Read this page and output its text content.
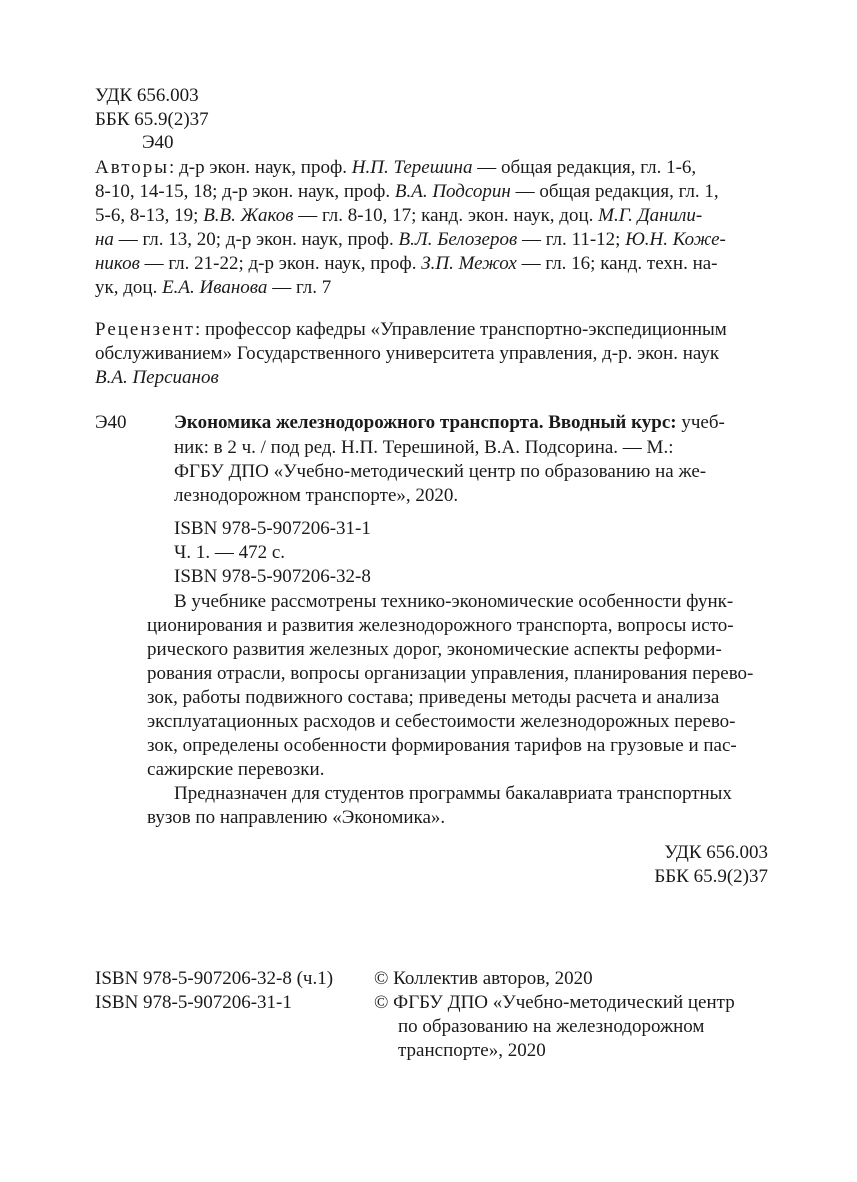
УДК 656.003
ББК 65.9(2)37
Э40
Авторы: д-р экон. наук, проф. Н.П. Терешина — общая редакция, гл. 1-6,
8-10, 14-15, 18; д-р экон. наук, проф. В.А. Подсорин — общая редакция, гл. 1,
5-6, 8-13, 19; В.В. Жаков — гл. 8-10, 17; канд. экон. наук, доц. М.Г. Данили-
на — гл. 13, 20; д-р экон. наук, проф. В.Л. Белозеров — гл. 11-12; Ю.Н. Коже-
ников — гл. 21-22; д-р экон. наук, проф. З.П. Межох — гл. 16; канд. техн. на-
ук, доц. Е.А. Иванова — гл. 7
Рецензент: профессор кафедры «Управление транспортно-экспедиционным
обслуживанием» Государственного университета управления, д-р. экон. наук
В.А. Персианов
Э40 Экономика железнодорожного транспорта. Вводный курс: учеб-
ник: в 2 ч. / под ред. Н.П. Терешиной, В.А. Подсорина. — М.:
ФГБУ ДПО «Учебно-методический центр по образованию на же-
лезнодорожном транспорте», 2020.
ISBN 978-5-907206-31-1
Ч. 1. — 472 с.
ISBN 978-5-907206-32-8
В учебнике рассмотрены технико-экономические особенности функ-
ционирования и развития железнодорожного транспорта, вопросы исто-
рического развития железных дорог, экономические аспекты реформи-
рования отрасли, вопросы организации управления, планирования перево-
зок, работы подвижного состава; приведены методы расчета и анализа
эксплуатационных расходов и себестоимости железнодорожных перево-
зок, определены особенности формирования тарифов на грузовые и пас-
сажирские перевозки.
Предназначен для студентов программы бакалавриата транспортных
вузов по направлению «Экономика».
УДК 656.003
ББК 65.9(2)37
ISBN 978-5-907206-32-8 (ч.1)
ISBN 978-5-907206-31-1
© Коллектив авторов, 2020
© ФГБУ ДПО «Учебно-методический центр
по образованию на железнодорожном
транспорте», 2020
